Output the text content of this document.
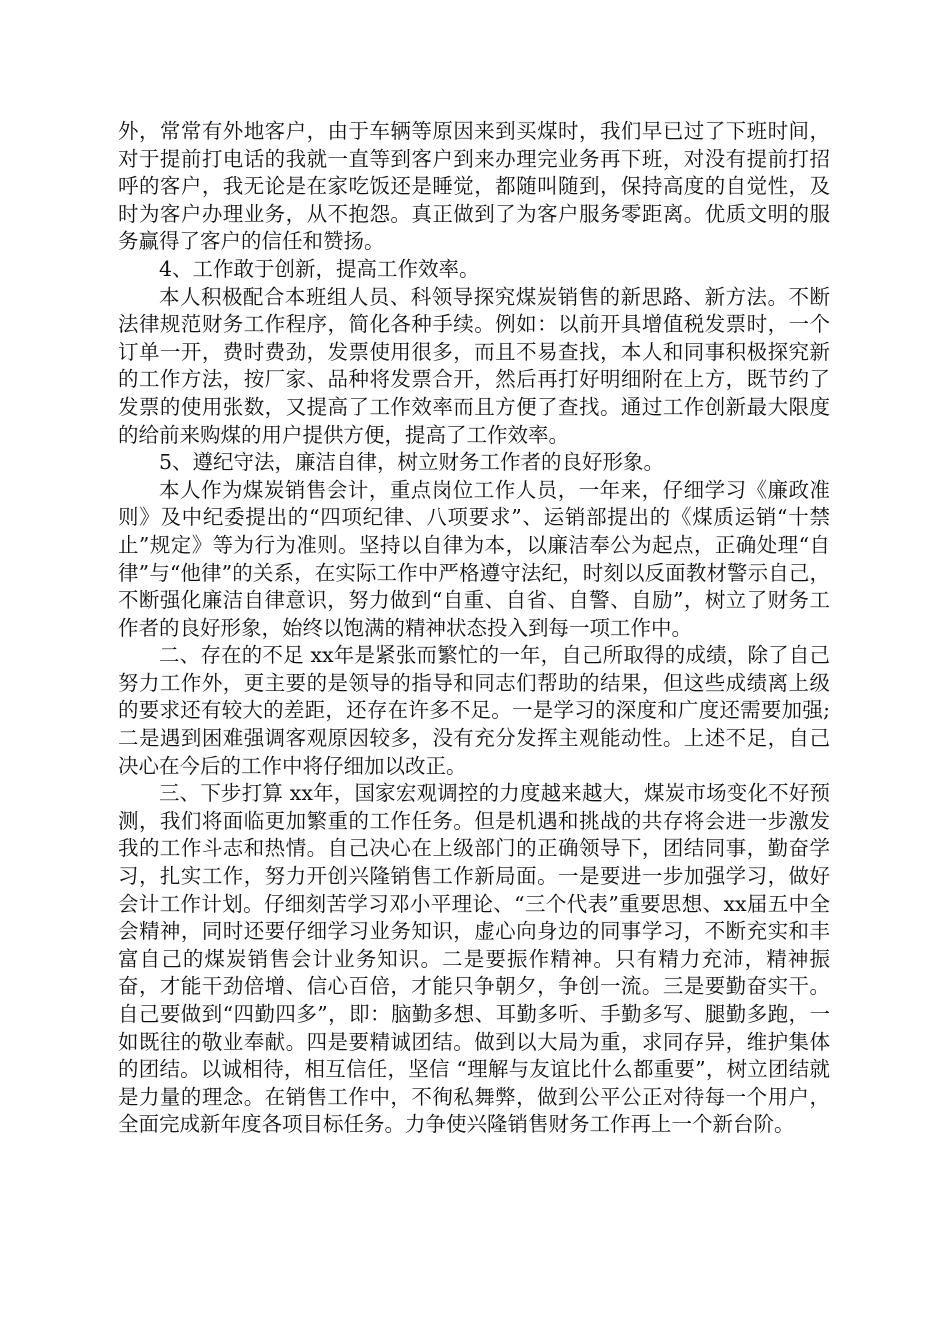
外，常常有外地客户，由于车辆等原因来到买煤时，我们早已过了下班时间，对于提前打电话的我就一直等到客户到来办理完业务再下班，对没有提前打招呼的客户，我无论是在家吃饭还是睡觉，都随叫随到，保持高度的自觉性，及时为客户办理业务，从不抱怨。真正做到了为客户服务零距离。优质文明的服务赢得了客户的信任和赞扬。

4、工作敢于创新，提高工作效率。

本人积极配合本班组人员、科领导探究煤炭销售的新思路、新方法。不断法律规范财务工作程序，简化各种手续。例如：以前开具增值税发票时，一个订单一开，费时费劲，发票使用很多，而且不易查找，本人和同事积极探究新的工作方法，按厂家、品种将发票合开，然后再打好明细附在上方，既节约了发票的使用张数，又提高了工作效率而且方便了查找。通过工作创新最大限度的给前来购煤的用户提供方便，提高了工作效率。

5、遵纪守法，廉洁自律，树立财务工作者的良好形象。

本人作为煤炭销售会计，重点岗位工作人员，一年来，仔细学习《廉政准则》及中纪委提出的“四项纪律、八项要求”、运销部提出的《煤质运销“十禁止”规定》等为行为准则。坚持以自律为本，以廉洁奉公为起点，正确处理“自律”与“他律”的关系，在实际工作中严格遵守法纪，时刻以反面教材警示自己，不断强化廉洁自律意识，努力做到“自重、自省、自警、自励”，树立了财务工作者的良好形象，始终以饱满的精神状态投入到每一项工作中。

二、存在的不足 xx年是紧张而繁忙的一年，自己所取得的成绩，除了自己努力工作外，更主要的是领导的指导和同志们帮助的结果，但这些成绩离上级的要求还有较大的差距，还存在许多不足。一是学习的深度和广度还需要加强;二是遇到困难强调客观原因较多，没有充分发挥主观能动性。上述不足，自己决心在今后的工作中将仔细加以改正。

三、下步打算 xx年，国家宏观调控的力度越来越大，煤炭市场变化不好预测，我们将面临更加繁重的工作任务。但是机遇和挑战的共存将会进一步激发我的工作斗志和热情。自己决心在上级部门的正确领导下，团结同事，勤奋学习，扎实工作，努力开创兴隆销售工作新局面。一是要进一步加强学习，做好会计工作计划。仔细刻苦学习邓小平理论、“三个代表”重要思想、xx届五中全会精神，同时还要仔细学习业务知识，虚心向身边的同事学习，不断充实和丰富自己的煤炭销售会计业务知识。二是要振作精神。只有精力充沛，精神振奋，才能干劲倍增、信心百倍，才能只争朝夕，争创一流。三是要勤奋实干。自己要做到“四勤四多”，即：脑勤多想、耳勤多听、手勤多写、腿勤多跑，一如既往的敬业奉献。四是要精诚团结。做到以大局为重，求同存异，维护集体的团结。以诚相待，相互信任，坚信 “理解与友谊比什么都重要”，树立团结就是力量的理念。在销售工作中，不徇私舞弊，做到公平公正对待每一个用户，全面完成新年度各项目标任务。力争使兴隆销售财务工作再上一个新台阶。
